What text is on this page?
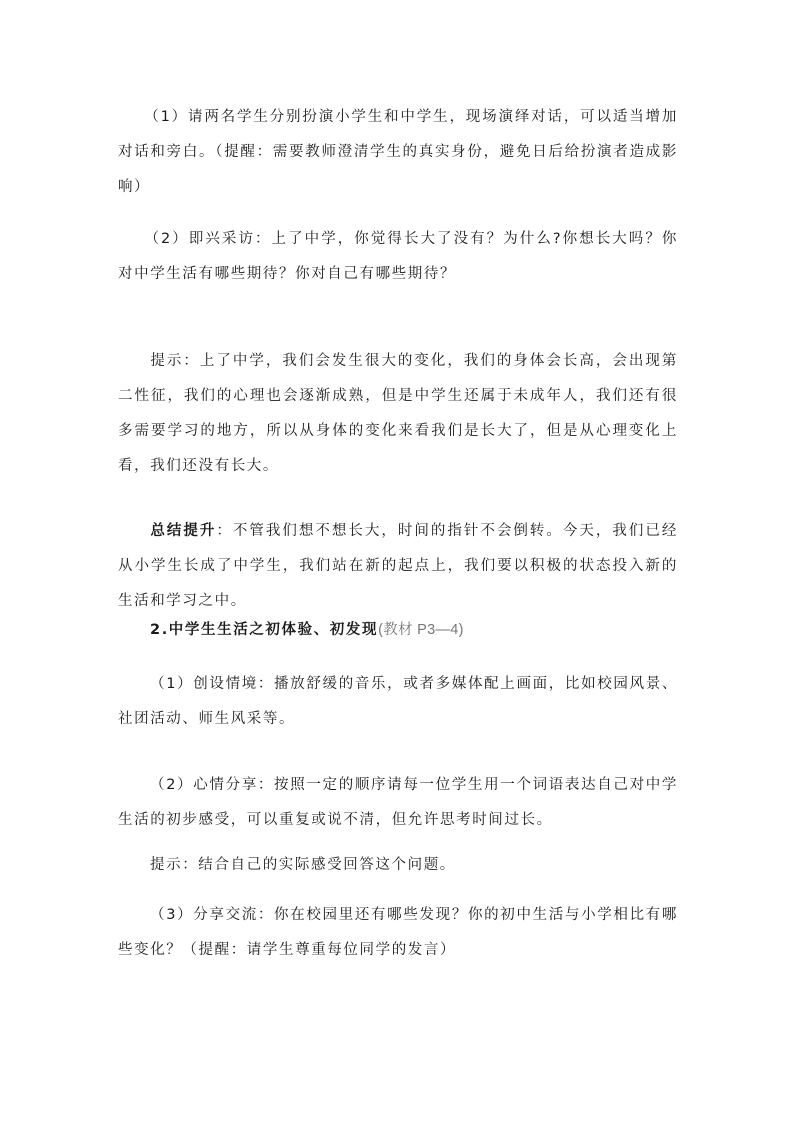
（1）请两名学生分别扮演小学生和中学生，现场演绎对话，可以适当增加对话和旁白。（提醒：需要教师澄清学生的真实身份，避免日后给扮演者造成影响）
（2）即兴采访：上了中学，你觉得长大了没有？为什么?你想长大吗？你对中学生活有哪些期待？你对自己有哪些期待？
提示：上了中学，我们会发生很大的变化，我们的身体会长高，会出现第二性征，我们的心理也会逐渐成熟，但是中学生还属于未成年人，我们还有很多需要学习的地方，所以从身体的变化来看我们是长大了，但是从心理变化上看，我们还没有长大。
总结提升：不管我们想不想长大，时间的指针不会倒转。今天，我们已经从小学生长成了中学生，我们站在新的起点上，我们要以积极的状态投入新的生活和学习之中。
2.中学生生活之初体验、初发现(教材 P3—4)
（1）创设情境：播放舒缓的音乐，或者多媒体配上画面，比如校园风景、社团活动、师生风采等。
（2）心情分享：按照一定的顺序请每一位学生用一个词语表达自己对中学生活的初步感受，可以重复或说不清，但允许思考时间过长。
提示：结合自己的实际感受回答这个问题。
（3）分享交流：你在校园里还有哪些发现？你的初中生活与小学相比有哪些变化？（提醒：请学生尊重每位同学的发言）
